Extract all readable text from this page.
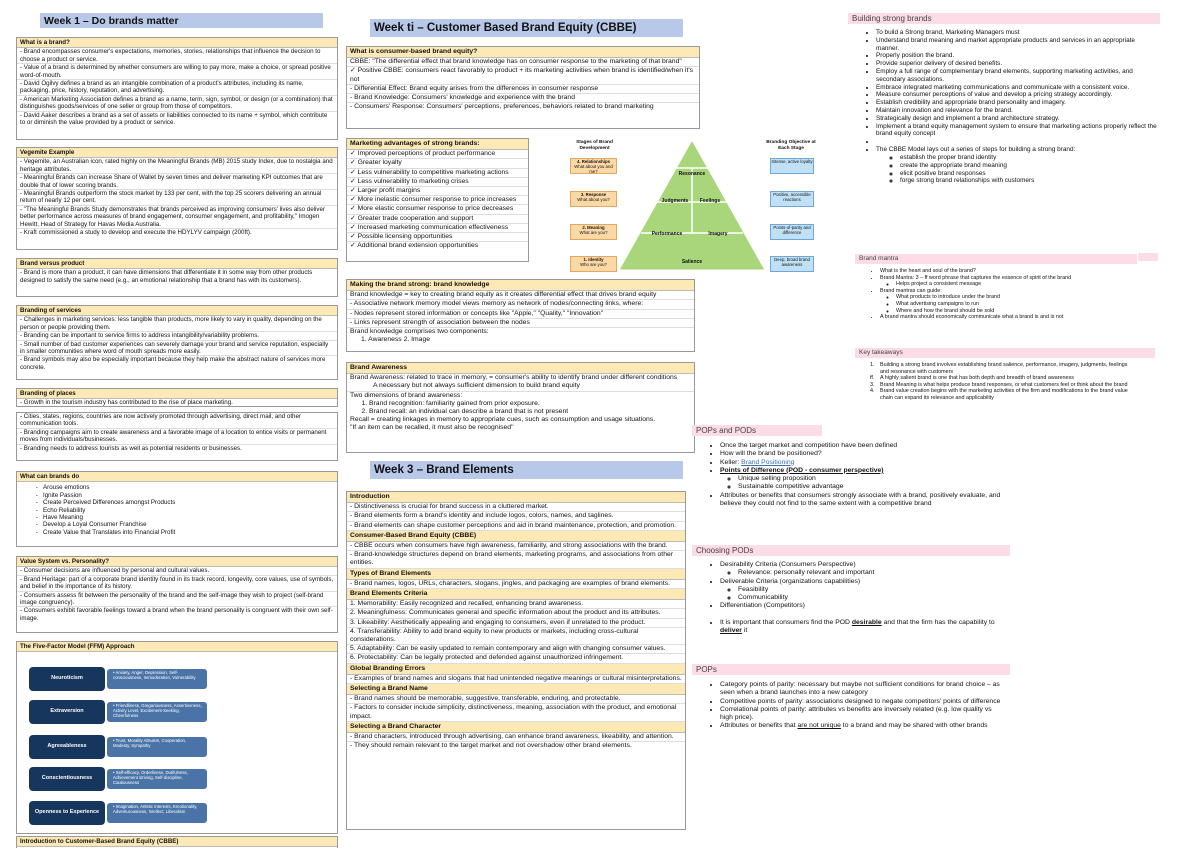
Week 1 – Do brands matter
What is a brand?
- Brand encompasses consumer's expectations, memories, stories, relationships that influence the decision to choose a product or service.
- Value of a brand is determined by whether consumers are willing to pay more, make a choice, or spread positive word-of-mouth.
- David Ogilvy defines a brand as an intangible combination of a product's attributes, including its name, packaging, price, history, reputation, and advertising.
- American Marketing Association defines a brand as a name, term, sign, symbol, or design (or a combination) that distinguishes goods/services of one seller or group from those of competitors.
- David Aaker describes a brand as a set of assets or liabilities connected to its name + symbol, which contribute to or diminish the value provided by a product or service.
Vegemite Example
- Vegemite, an Australian icon, rated highly on the Meaningful Brands (MB) 2015 study Index, due to nostalgia and heritage attributes.
- Meaningful Brands can increase Share of Wallet by seven times and deliver marketing KPI outcomes that are double that of lower scoring brands.
- Meaningful Brands outperform the stock market by 133 per cent, with the top 25 scorers delivering an annual return of nearly 12 per cent.
- "The Meaningful Brands Study demonstrates that brands perceived as improving consumers' lives also deliver better performance across measures of brand engagement, consumer engagement, and profitability," Imogen Hewitt, Head of Strategy for Havas Media Australia.
- Kraft commissioned a study to develop and execute the HDYLYV campaign (200ft).
Brand versus product
- Brand is more than a product, it can have dimensions that differentiate it in some way from other products designed to satisfy the same need (e.g., an emotional relationship that a brand has with its customers).
Branding of services
- Challenges in marketing services: less tangible than products, more likely to vary in quality, depending on the person or people providing them.
- Branding can be important to service firms to address intangibility/variability problems.
- Small number of bad customer experiences can severely damage your brand and service reputation, especially in smaller communities where word of mouth spreads more easily.
- Brand symbols may also be especially important because they help make the abstract nature of services more concrete.
Branding of places
- Growth in the tourism industry has contributed to the rise of place marketing.
- Cities, states, regions, countries are now actively promoted through advertising, direct mail, and other communication tools.
- Branding campaigns aim to create awareness and a favorable image of a location to entice visits or permanent moves from individuals/businesses.
- Branding needs to address tourists as well as potential residents or businesses.
What can brands do
- Arouse emotions
- Ignite Passion
- Create Perceived Differences amongst Products
- Echo Reliability
- Have Meaning
- Develop a Loyal Consumer Franchise
- Create Value that Translates into Financial Profit
Value System vs. Personality?
- Consumer decisions are influenced by personal and cultural values.
- Brand Heritage: part of a corporate brand identity found in its track record, longevity, core values, use of symbols, and belief in the importance of its history.
- Consumers assess fit between the personality of the brand and the self-image they wish to project (self-brand image congruency).
- Consumers exhibit favorable feelings toward a brand when the brand personality is congruent with their own self-image.
The Five-Factor Model (FFM) Approach
• Anxiety, Anger, Depression, Self-consciousness, Immoderation, Vulnerability
Neuroticism
• Friendliness, Gregariousness, Assertiveness, Activity Level, Excitement-Seeking, Cheerfulness
Extraversion
• Trust, Morality Altruism, Cooperation, Modesty, Sympathy
Agreeableness
• Self-efficacy, Orderliness, Dutifulness, Achievement striving, Self-discipline, Cautiousness
Conscientiousness
• Imagination, Artistic Interests, Emotionality, Adventurousness, Intellect, Liberalism
Openness to Experience
Introduction to Customer-Based Brand Equity (CBBE)
Week ti – Customer Based Brand Equity (CBBE)
What is consumer-based brand equity?
CBBE: "The differential effect that brand knowledge has on consumer response to the marketing of that brand"
✓ Positive CBBE: consumers react favorably to product + its marketing activities when brand is identified/when it's not
- Differential Effect: Brand equity arises from the differences in consumer response
- Brand Knowledge: Consumers' knowledge and experience with the brand
- Consumers' Response: Consumers' perceptions, preferences, behaviors related to brand marketing
Marketing advantages of strong brands:
✓ Improved perceptions of product performance
✓ Greater loyalty
✓ Less vulnerability to competitive marketing actions
✓ Less vulnerability to marketing crises
✓ Larger profit margins
✓ More inelastic consumer response to price increases
✓ More elastic consumer response to price decreases
✓ Greater trade cooperation and support
✓ Increased marketing communication effectiveness
✓ Possible licensing opportunities
✓ Additional brand extension opportunities
Stages of Brand Development
Branding Objective at Each Stage
4. Relationships
What about you and me?
3. Response
What about you?
2. Meaning
What are you?
1. Identity
Who are you?
Resonance
Judgments	Feelings
Performance	Imagery
Salience
Intense, active loyalty
Positive, accessible reactions
Points-of-parity and difference
Deep, broad brand awareness
Making the brand strong: brand knowledge
Brand knowledge = key to creating brand equity as it creates differential effect that drives brand equity
- Associative network memory model views memory as network of nodes/connecting links, where:
- Nodes represent stored information or concepts like "Apple," "Quality," "Innovation"
- Links represent strength of association between the nodes
Brand knowledge comprises two components:
1. Awareness 2. Image
Brand Awareness
Brand Awareness: related to trace in memory, = consumer's ability to identify brand under different conditions
A necessary but not always sufficient dimension to build brand equity
Two dimensions of brand awareness:
1. Brand recognition: familiarity gained from prior exposure.
2. Brand recall: an individual can describe a brand that is not present
Recall = creating linkages in memory to appropriate cues, such as consumption and usage situations.
"If an item can be recalled, it must also be recognised"
Week 3 – Brand Elements
Introduction
- Distinctiveness is crucial for brand success in a cluttered market.
- Brand elements form a brand's identity and include logos, colors, names, and taglines.
- Brand elements can shape customer perceptions and aid in brand maintenance, protection, and promotion.
Consumer-Based Brand Equity (CBBE)
- CBBE occurs when consumers have high awareness, familiarity, and strong associations with the brand.
- Brand-knowledge structures depend on brand elements, marketing programs, and associations from other entities.
Types of Brand Elements
- Brand names, logos, URLs, characters, slogans, jingles, and packaging are examples of brand elements.
Brand Elements Criteria
1. Memorability: Easily recognized and recalled, enhancing brand awareness.
2. Meaningfulness: Communicates general and specific information about the product and its attributes.
3. Likeability: Aesthetically appealing and engaging to consumers, even if unrelated to the product.
4. Transferability: Ability to add brand equity to new products or markets, including cross-cultural considerations.
5. Adaptability: Can be easily updated to remain contemporary and align with changing consumer values.
6. Protectability: Can be legally protected and defended against unauthorized infringement.
Global Branding Errors
- Examples of brand names and slogans that had unintended negative meanings or cultural misinterpretations.
Selecting a Brand Name
- Brand names should be memorable, suggestive, transferable, enduring, and protectable.
- Factors to consider include simplicity, distinctiveness, meaning, association with the product, and emotional impact.
Selecting a Brand Character
- Brand characters, introduced through advertising, can enhance brand awareness, likeability, and attention.
- They should remain relevant to the target market and not overshadow other brand elements.
Building strong brands
• To build a Strong brand, Marketing Managers must
• Understand brand meaning and market appropriate products and services in an appropriate manner.
• Properly position the brand.
• Provide superior delivery of desired benefits.
• Employ a full range of complementary brand elements, supporting marketing activities, and secondary associations.
• Embrace integrated marketing communications and communicate with a consistent voice.
• Measure consumer perceptions of value and develop a pricing strategy accordingly.
• Establish credibility and appropriate brand personality and imagery.
• Maintain innovation and relevance for the brand.
• Strategically design and implement a brand architecture strategy.
• Implement a brand equity management system to ensure that marketing actions properly reflect the brand equity concept
•
• The CBBE Model lays out a series of steps for building a strong brand:
◦ establish the proper brand identity
◦ create the appropriate brand meaning
◦ elicit positive brand responses
◦ forge strong brand relationships with customers
Brand mantra
• What is the heart and soul of the brand?
• Brand Mantra: 3 – ff word phrase that captures the essence of spirit of the brand
◦ Helps project a consistent message
• Brand mantras can guide:
◦ What products to introduce under the brand
◦ What advertising campaigns to run
◦ Where and how the brand should be sold
• A brand mantra should economically communicate what a brand is and is not
Key takeaways
1.	Building a strong brand involves establishing brand salience, performance, imagery, judgments, feelings and resonance with customers
ff.	A highly salient brand is one that has both depth and breadth of brand awareness
3.	Brand Meaning is what helps produce brand responses, or what customers feel or think about the brand
4.	Brand value creation begins with the marketing activities of the firm and modifications to the brand value chain can expand its relevance and applicability
POPs and PODs
• Once the target market and competition have been defined
• How will the brand be positioned?
• Keller: Brand Positioning
• Points of Difference (POD - consumer perspective)
◦ Unique selling proposition
◦ Sustainable competitive advantage
• Attributes or benefits that consumers strongly associate with a brand, positively evaluate, and believe they could not find to the same extent with a competitive brand
Choosing PODs
• Desirability Criteria (Consumers Perspective)
◦ Relevance: personally relevant and important
• Deliverable Criteria (organizations capabilities)
◦ Feasibility
◦ Communicability
• Differentiation (Competitors)
• It is important that consumers find the POD desirable and that the firm has the capability to deliver it
POPs
• Category points of parity: necessary but maybe not sufficient conditions for brand choice – as seen when a brand launches into a new category
• Competitive points of parity: associations designed to negate competitors' points of difference
• Correlational points of parity: attributes vs benefits are inversely related (e.g. low quality vs high price).
• Attributes or benefits that are not unique to a brand and may be shared with other brands
